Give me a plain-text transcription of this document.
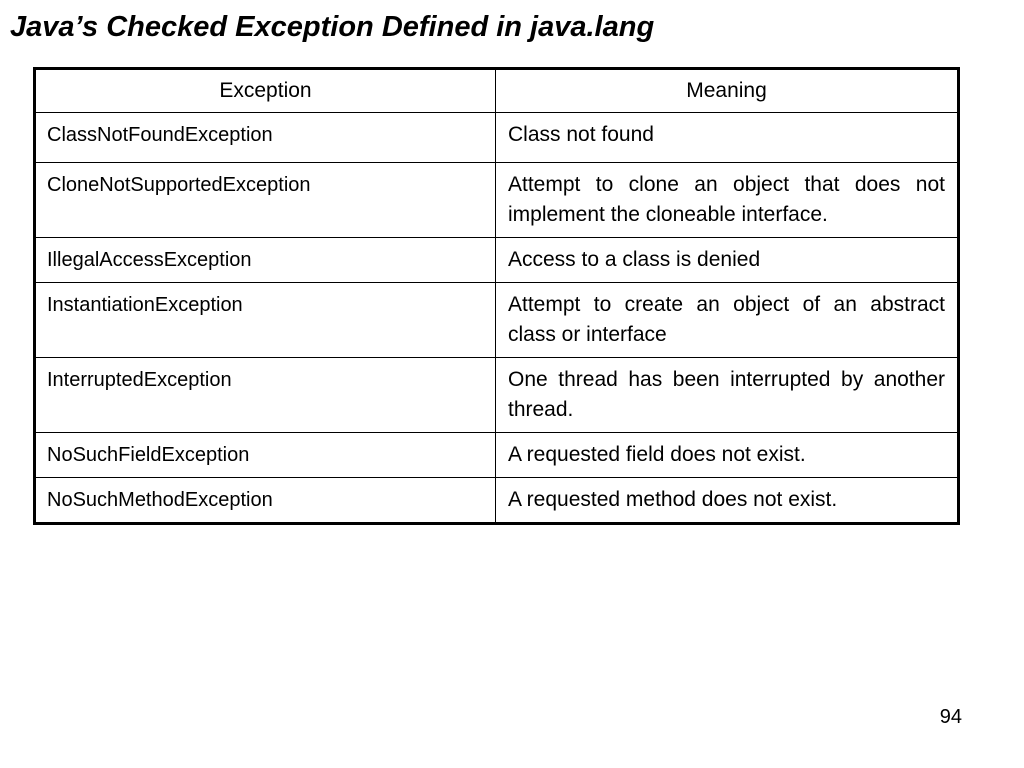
Java’s Checked Exception Defined in java.lang
Exception	Meaning
ClassNotFoundException	Class not found
CloneNotSupportedException	Attempt to clone an object that does not implement the cloneable interface.
IllegalAccessException	Access to a class is denied
InstantiationException	Attempt to create an object of an abstract class or interface
InterruptedException	One thread has been interrupted by another thread.
NoSuchFieldException	A requested field does not exist.
NoSuchMethodException	A requested method does not exist.
94
